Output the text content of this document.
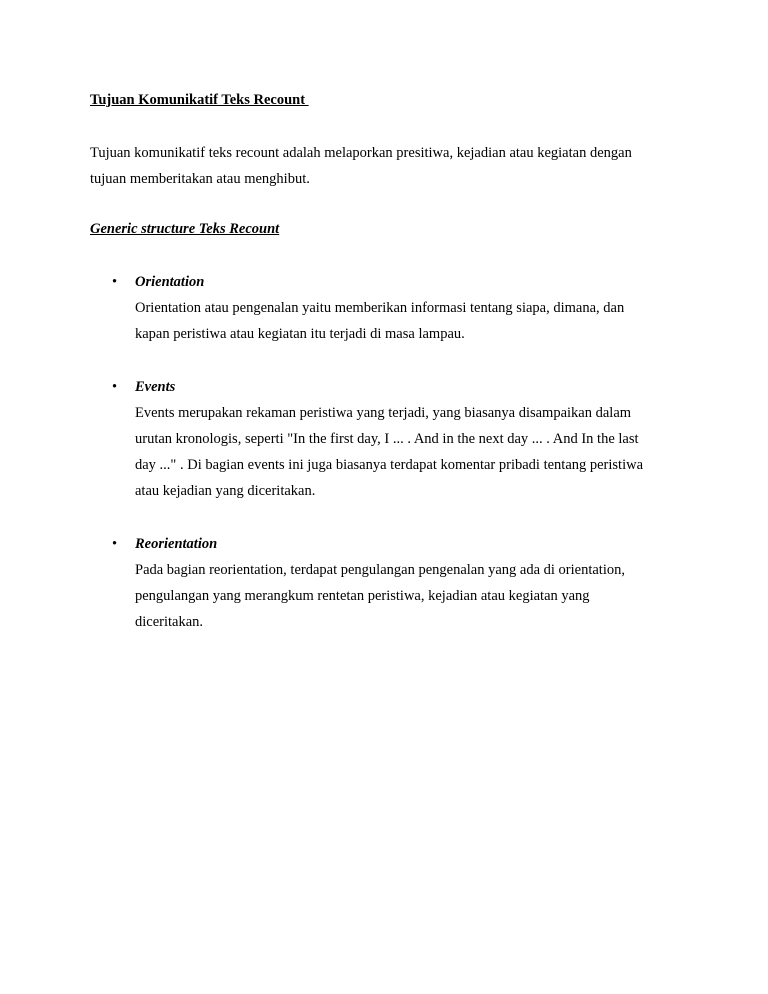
Tujuan Komunikatif Teks Recount

Tujuan komunikatif teks recount adalah melaporkan presitiwa, kejadian atau kegiatan dengan

tujuan memberitakan atau menghibut.

Generic structure Teks Recount
• Orientation

Orientation atau pengenalan yaitu memberikan informasi tentang siapa, dimana, dan

kapan peristiwa atau kegiatan itu terjadi di masa lampau.

• Events

Events merupakan rekaman peristiwa yang terjadi, yang biasanya disampaikan dalam

urutan kronologis, seperti "In the first day, I ... . And in the next day ... . And In the last

day ..." . Di bagian events ini juga biasanya terdapat komentar pribadi tentang peristiwa

atau kejadian yang diceritakan.

• Reorientation

Pada bagian reorientation, terdapat pengulangan pengenalan yang ada di orientation,

pengulangan yang merangkum rentetan peristiwa, kejadian atau kegiatan yang

diceritakan.
